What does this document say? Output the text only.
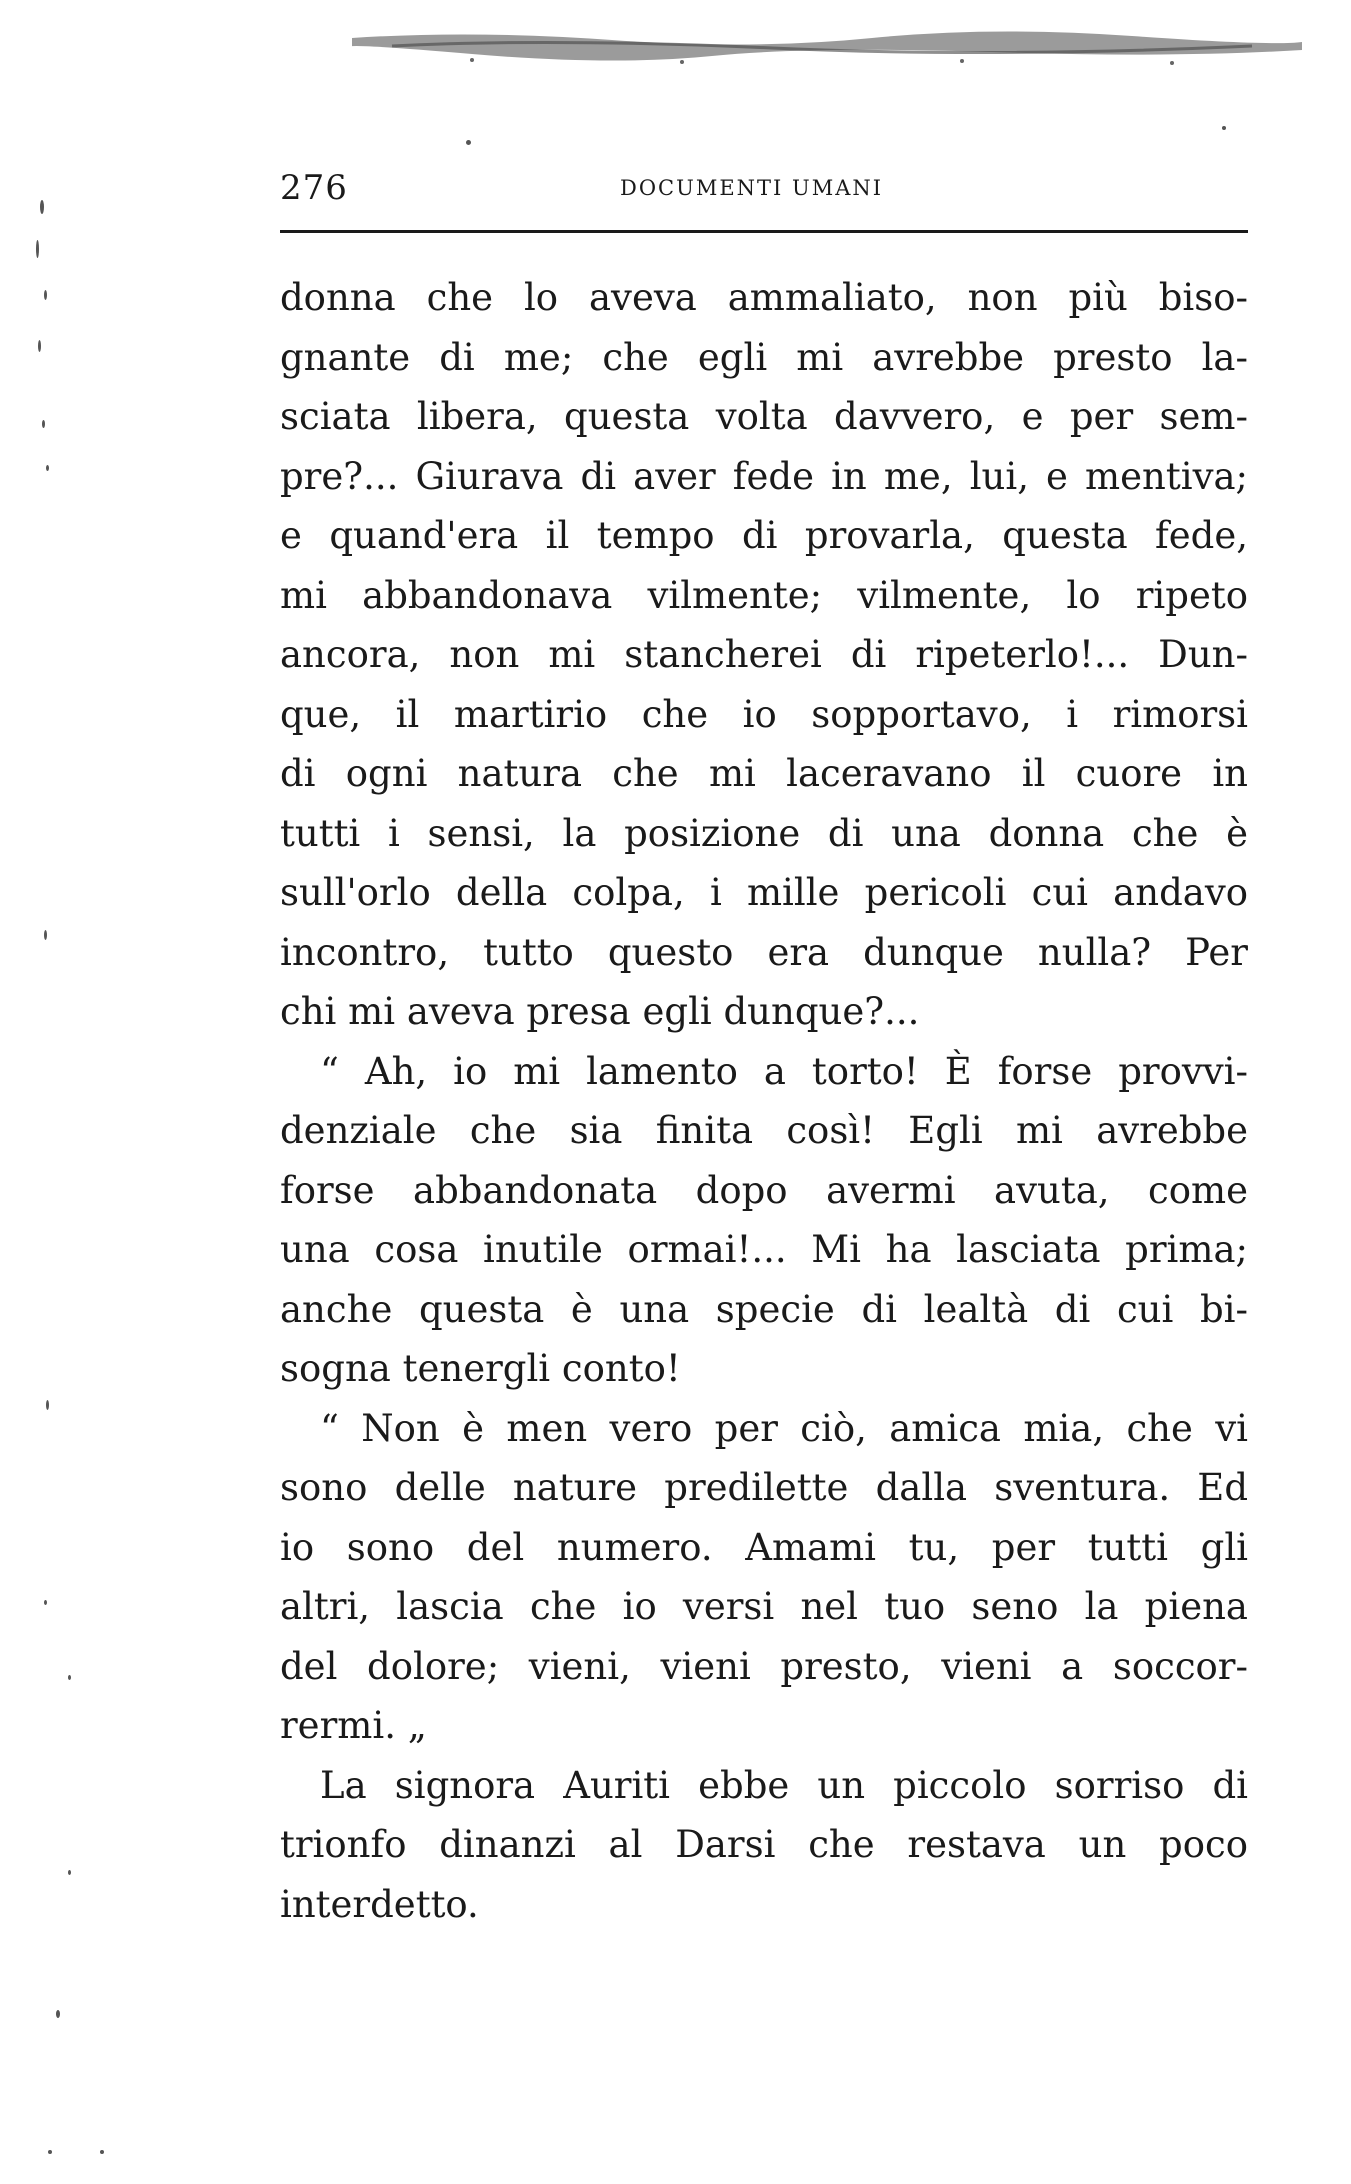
276	DOCUMENTI UMANI
donna che lo aveva ammaliato, non più biso-
gnante di me; che egli mi avrebbe presto la-
sciata libera, questa volta davvero, e per sem-
pre?... Giurava di aver fede in me, lui, e mentiva;
e quand'era il tempo di provarla, questa fede,
mi abbandonava vilmente; vilmente, lo ripeto
ancora, non mi stancherei di ripeterlo!... Dun-
que, il martirio che io sopportavo, i rimorsi
di ogni natura che mi laceravano il cuore in
tutti i sensi, la posizione di una donna che è
sull'orlo della colpa, i mille pericoli cui andavo
incontro, tutto questo era dunque nulla? Per
chi mi aveva presa egli dunque?...
“ Ah, io mi lamento a torto! È forse provvi-
denziale che sia finita così! Egli mi avrebbe
forse abbandonata dopo avermi avuta, come
una cosa inutile ormai!... Mi ha lasciata prima;
anche questa è una specie di lealtà di cui bi-
sogna tenergli conto!
“ Non è men vero per ciò, amica mia, che vi
sono delle nature predilette dalla sventura. Ed
io sono del numero. Amami tu, per tutti gli
altri, lascia che io versi nel tuo seno la piena
del dolore; vieni, vieni presto, vieni a soccor-
rermi. „
La signora Auriti ebbe un piccolo sorriso di
trionfo dinanzi al Darsi che restava un poco
interdetto.
